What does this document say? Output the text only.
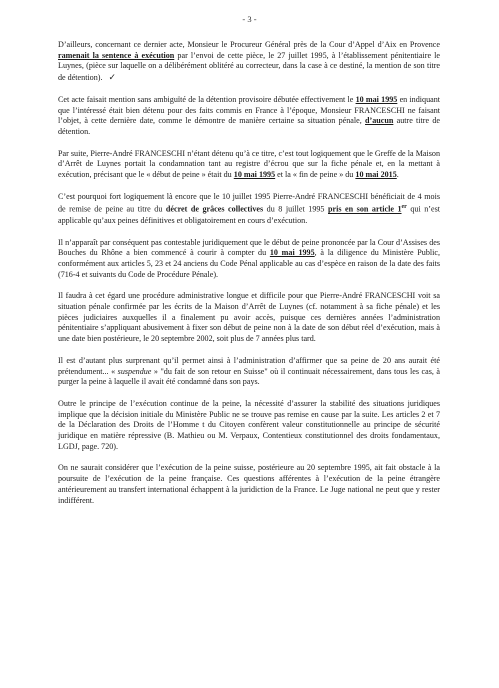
- 3 -

D’ailleurs, concernant ce dernier acte, Monsieur le Procureur Général près de la Cour d’Appel d’Aix en Provence ramenait la sentence à exécution par l’envoi de cette pièce, le 27 juillet 1995, à l’établissement pénitentiaire le Luynes, (pièce sur laquelle on a délibérément oblitéré au correcteur, dans la case à ce destiné, la mention de son titre de détention). ✓

Cet acte faisait mention sans ambiguïté de la détention provisoire débutée effectivement le 10 mai 1995 en indiquant que l’intéressé était bien détenu pour des faits commis en France à l’époque, Monsieur FRANCESCHI ne faisant l’objet, à cette dernière date, comme le démontre de manière certaine sa situation pénale, d’aucun autre titre de détention.

Par suite, Pierre-André FRANCESCHI n’étant détenu qu’à ce titre, c’est tout logiquement que le Greffe de la Maison d’Arrêt de Luynes portait la condamnation tant au registre d’écrou que sur la fiche pénale et, en la mettant à exécution, précisant que le « début de peine » était du 10 mai 1995 et la « fin de peine » du 10 mai 2015.

C’est pourquoi fort logiquement là encore que le 10 juillet 1995 Pierre-André FRANCESCHI bénéficiait de 4 mois de remise de peine au titre du décret de grâces collectives du 8 juillet 1995 pris en son article 1er qui n’est applicable qu’aux peines définitives et obligatoirement en cours d’exécution.

Il n’apparaît par conséquent pas contestable juridiquement que le début de peine prononcée par la Cour d’Assises des Bouches du Rhône a bien commencé à courir à compter du 10 mai 1995, à la diligence du Ministère Public, conformément aux articles 5, 23 et 24 anciens du Code Pénal applicable au cas d’espèce en raison de la date des faits (716-4 et suivants du Code de Procédure Pénale).

Il faudra à cet égard une procédure administrative longue et difficile pour que Pierre-André FRANCESCHI voit sa situation pénale confirmée par les écrits de la Maison d’Arrêt de Luynes (cf. notamment à sa fiche pénale) et les pièces judiciaires auxquelles il a finalement pu avoir accès, puisque ces dernières années l’administration pénitentiaire s’appliquant abusivement à fixer son début de peine non à la date de son début réel d’exécution, mais à une date bien postérieure, le 20 septembre 2002, soit plus de 7 années plus tard.

Il est d’autant plus surprenant qu’il permet ainsi à l’administration d’affirmer que sa peine de 20 ans aurait été prétendument... « suspendue » "du fait de son retour en Suisse" où il continuait nécessairement, dans tous les cas, à purger la peine à laquelle il avait été condamné dans son pays.

Outre le principe de l’exécution continue de la peine, la nécessité d’assurer la stabilité des situations juridiques implique que la décision initiale du Ministère Public ne se trouve pas remise en cause par la suite. Les articles 2 et 7 de la Déclaration des Droits de l’Homme t du Citoyen confèrent valeur constitutionnelle au principe de sécurité juridique en matière répressive (B. Mathieu ou M. Verpaux, Contentieux constitutionnel des droits fondamentaux, LGDJ, page. 720).

On ne saurait considérer que l’exécution de la peine suisse, postérieure au 20 septembre 1995, ait fait obstacle à la poursuite de l’exécution de la peine française. Ces questions afférentes à l’exécution de la peine étrangère antérieurement au transfert international échappent à la juridiction de la France. Le Juge national ne peut que y rester indifférent.
